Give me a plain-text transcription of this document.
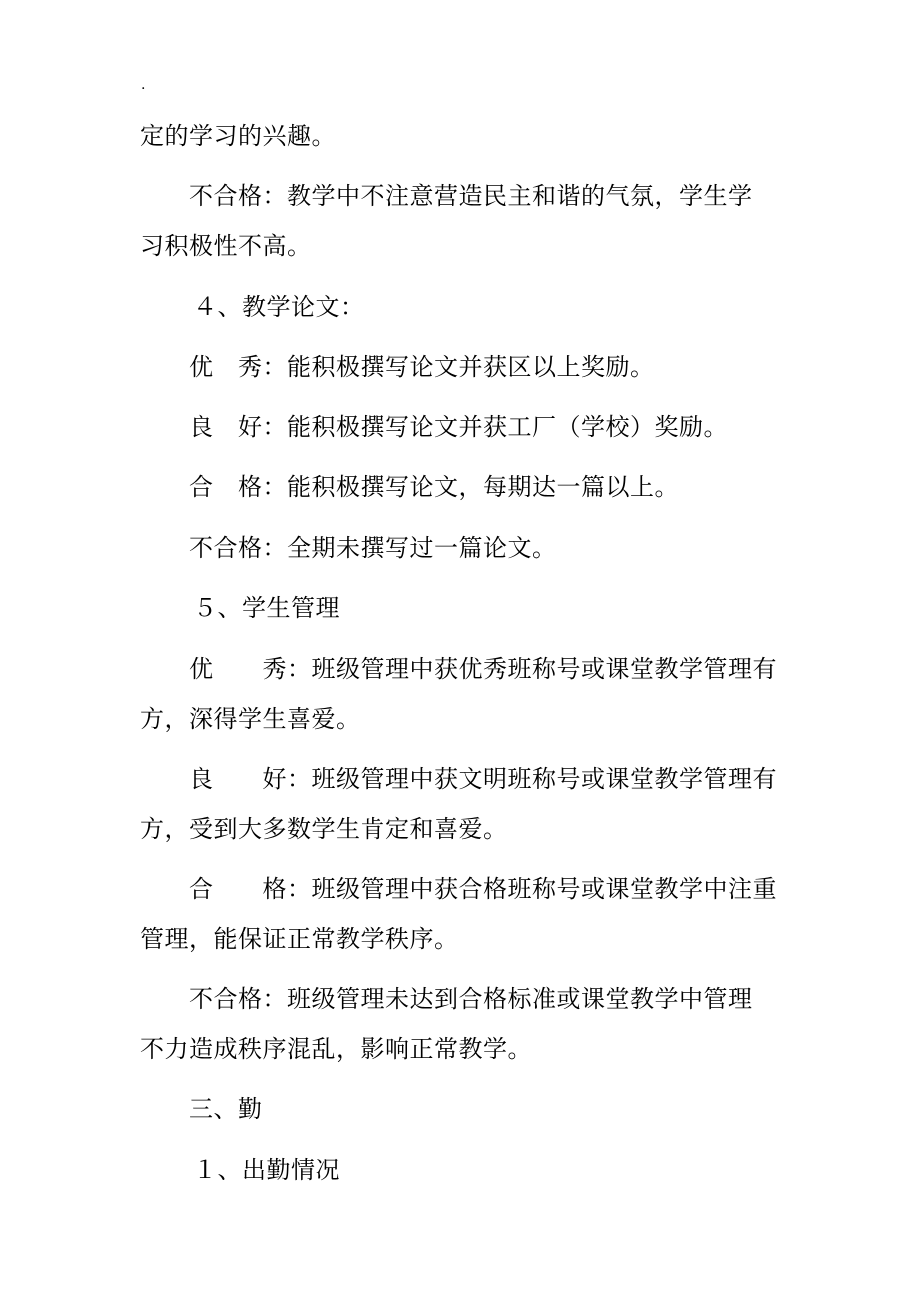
.
定的学习的兴趣。
不合格：教学中不注意营造民主和谐的气氛，学生学
习积极性不高。
４、教学论文：
优　秀：能积极撰写论文并获区以上奖励。
良　好：能积极撰写论文并获工厂（学校）奖励。
合　格：能积极撰写论文，每期达一篇以上。
不合格：全期未撰写过一篇论文。
５、学生管理
优　　秀：班级管理中获优秀班称号或课堂教学管理有
方，深得学生喜爱。
良　　好：班级管理中获文明班称号或课堂教学管理有
方，受到大多数学生肯定和喜爱。
合　　格：班级管理中获合格班称号或课堂教学中注重
管理，能保证正常教学秩序。
不合格：班级管理未达到合格标准或课堂教学中管理
不力造成秩序混乱，影响正常教学。
三、勤
１、出勤情况
